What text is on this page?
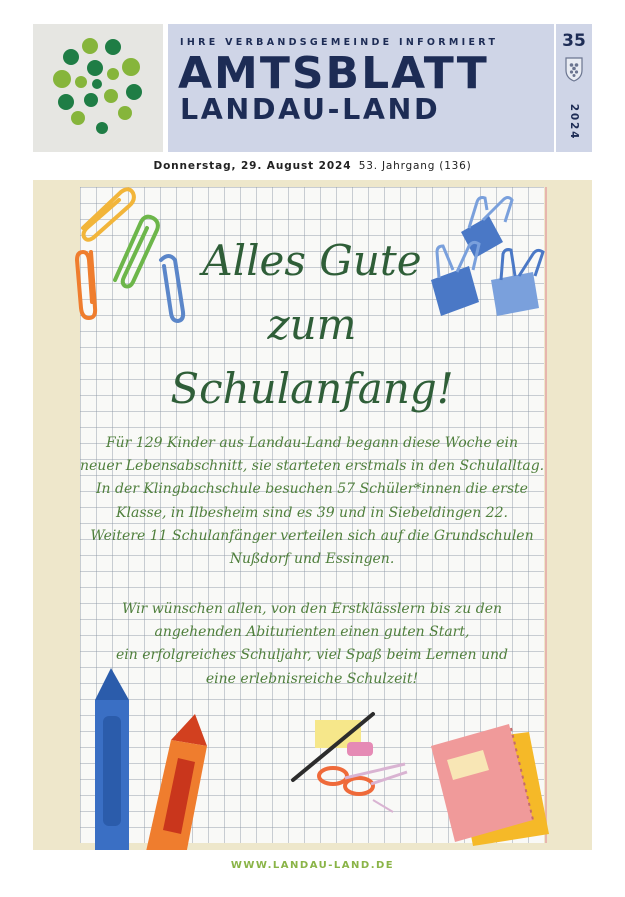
IHRE VERBANDSGEMEINDE INFORMIERT
AMTSBLATT
LANDAU-LAND
35
2024
Donnerstag, 29. August 2024 53. Jahrgang (136)
Alles Gute
zum
Schulanfang!

Für 129 Kinder aus Landau-Land begann diese Woche ein

neuer Lebensabschnitt, sie starteten erstmals in den Schulalltag.

In der Klingbachschule besuchen 57 Schüler*innen die erste

Klasse, in Ilbesheim sind es 39 und in Siebeldingen 22.

Weitere 11 Schulanfänger verteilen sich auf die Grundschulen

Nußdorf und Essingen.

Wir wünschen allen, von den Erstklässlern bis zu den

angehenden Abiturienten einen guten Start,

ein erfolgreiches Schuljahr, viel Spaß beim Lernen und

eine erlebnisreiche Schulzeit!

WWW.LANDAU-LAND.DE
